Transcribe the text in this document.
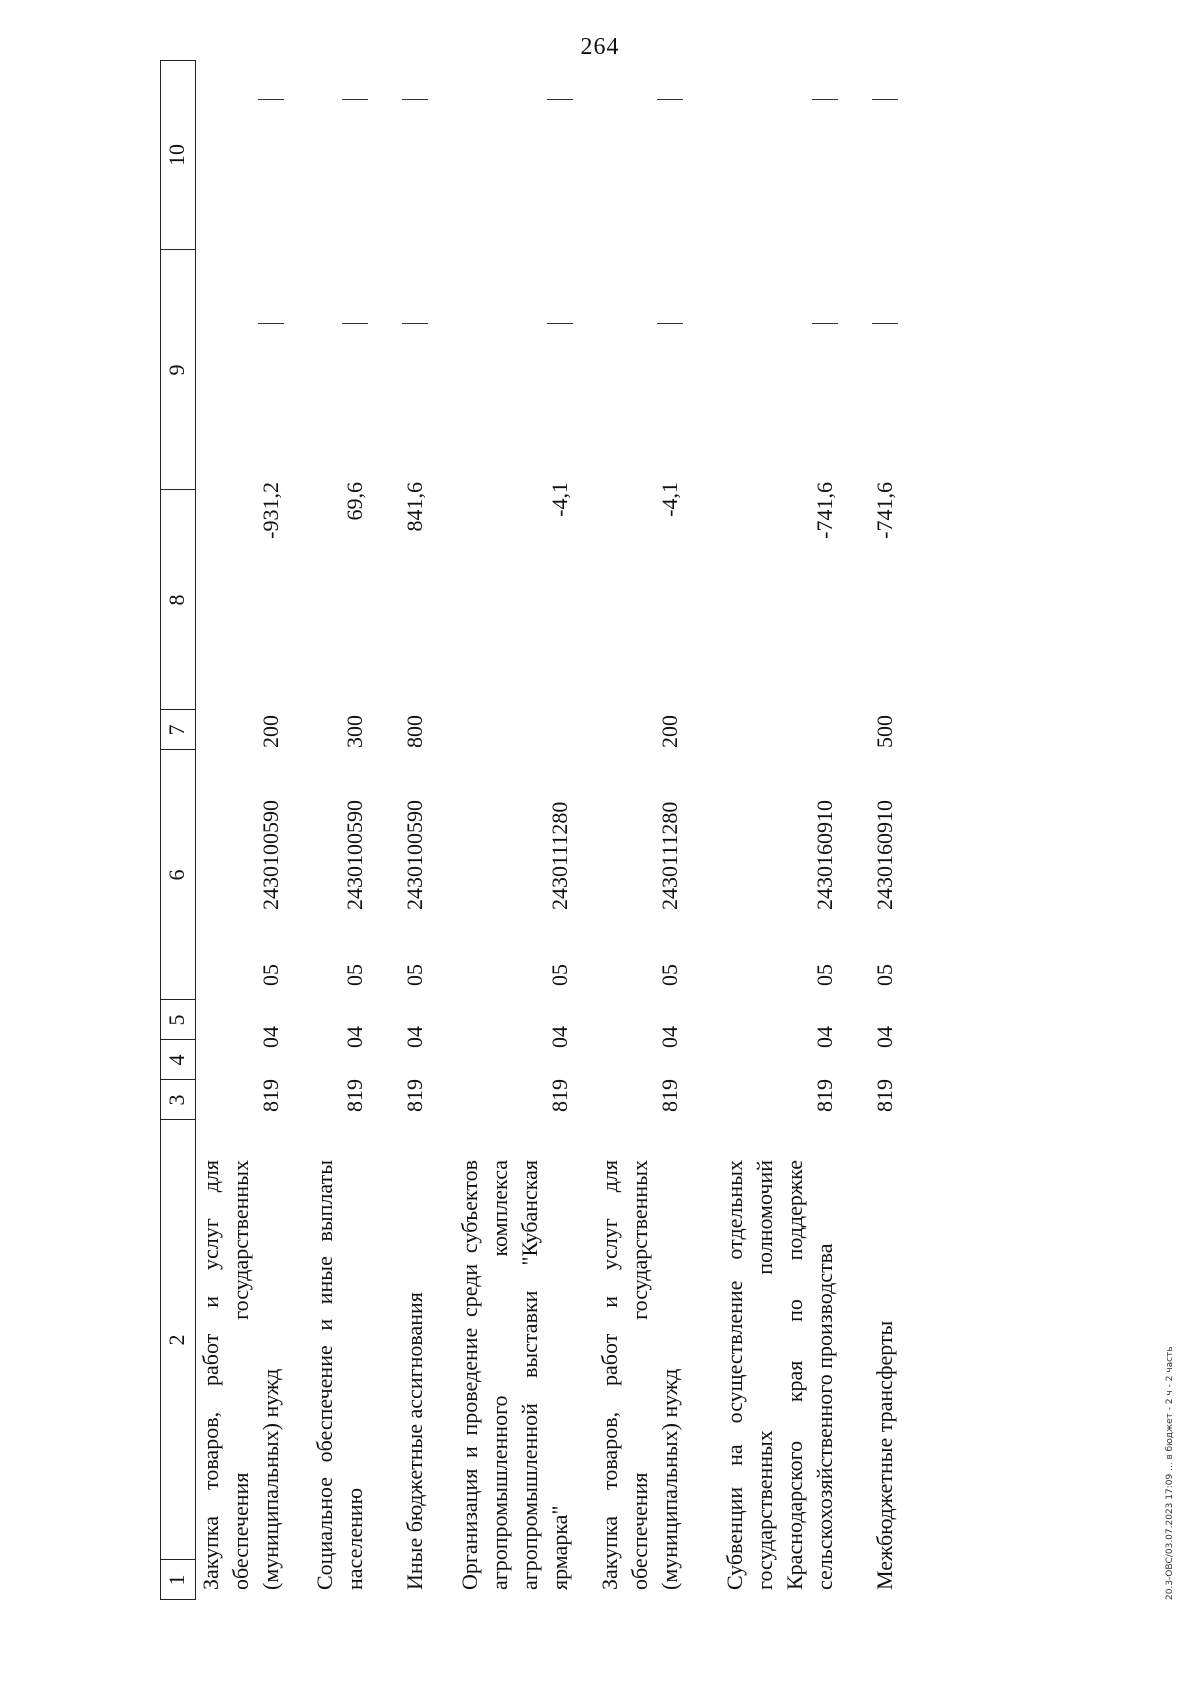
264
1
2
3
4
5
6
7
8
9
10
Закупка товаров, работ и услуг для обеспечения государственных (муниципальных) нужд
819
04
05
2430100590
200
-931,2
Социальное обеспечение и иные выплаты населению
819
04
05
2430100590
300
69,6
Иные бюджетные ассигнования
819
04
05
2430100590
800
841,6
Организация и проведение среди субъектов агропромышленного комплекса агропромышленной выставки "Кубанская ярмарка"
819
04
05
2430111280
-4,1
Закупка товаров, работ и услуг для обеспечения государственных (муниципальных) нужд
819
04
05
2430111280
200
-4,1
Субвенции на осуществление отдельных государственных полномочий Краснодарского края по поддержке сельскохозяйственного производства
819
04
05
2430160910
-741,6
Межбюджетные трансферты
819
04
05
2430160910
500
-741,6
20.3-ОВС/03.07.2023 17:09 ... в бюджет - 2 ч - 2 часть
